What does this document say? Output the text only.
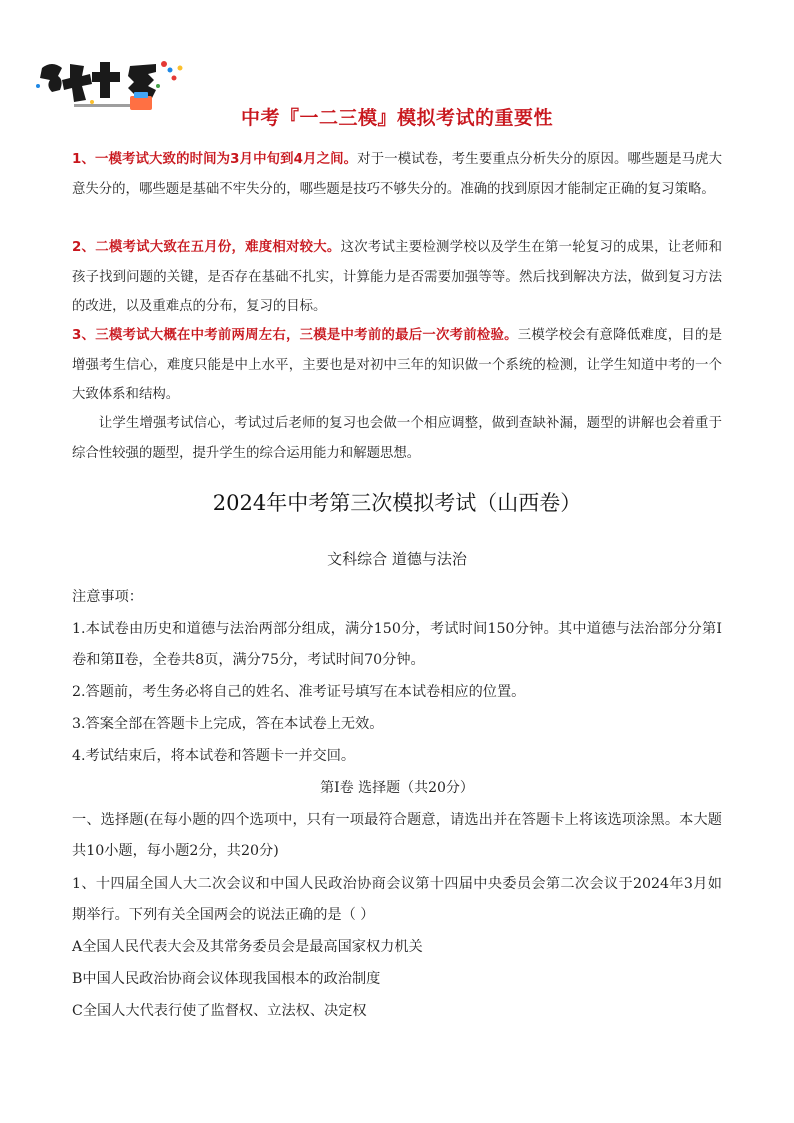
中考『一二三模』模拟考试的重要性
1、一模考试大致的时间为3月中旬到4月之间。对于一模试卷，考生要重点分析失分的原因。哪些题是马虎大意失分的，哪些题是基础不牢失分的，哪些题是技巧不够失分的。准确的找到原因才能制定正确的复习策略。
2、二模考试大致在五月份，难度相对较大。这次考试主要检测学校以及学生在第一轮复习的成果，让老师和孩子找到问题的关键，是否存在基础不扎实，计算能力是否需要加强等等。然后找到解决方法，做到复习方法的改进，以及重难点的分布，复习的目标。
3、三模考试大概在中考前两周左右，三模是中考前的最后一次考前检验。三模学校会有意降低难度，目的是增强考生信心，难度只能是中上水平，主要也是对初中三年的知识做一个系统的检测，让学生知道中考的一个大致体系和结构。
让学生增强考试信心，考试过后老师的复习也会做一个相应调整，做到查缺补漏，题型的讲解也会着重于综合性较强的题型，提升学生的综合运用能力和解题思想。
2024年中考第三次模拟考试（山西卷）
文科综合 道德与法治
注意事项：
1.本试卷由历史和道德与法治两部分组成，满分150分，考试时间150分钟。其中道德与法治部分分第Ⅰ卷和第Ⅱ卷，全卷共8页，满分75分，考试时间70分钟。
2.答题前，考生务必将自己的姓名、准考证号填写在本试卷相应的位置。
3.答案全部在答题卡上完成，答在本试卷上无效。
4.考试结束后，将本试卷和答题卡一并交回。
第Ⅰ卷 选择题（共20分）
一、选择题(在每小题的四个选项中，只有一项最符合题意，请选出并在答题卡上将该选项涂黑。本大题共10小题，每小题2分，共20分)
1、十四届全国人大二次会议和中国人民政治协商会议第十四届中央委员会第二次会议于2024年3月如期举行。下列有关全国两会的说法正确的是（ ）
A全国人民代表大会及其常务委员会是最高国家权力机关
B中国人民政治协商会议体现我国根本的政治制度
C全国人大代表行使了监督权、立法权、决定权
